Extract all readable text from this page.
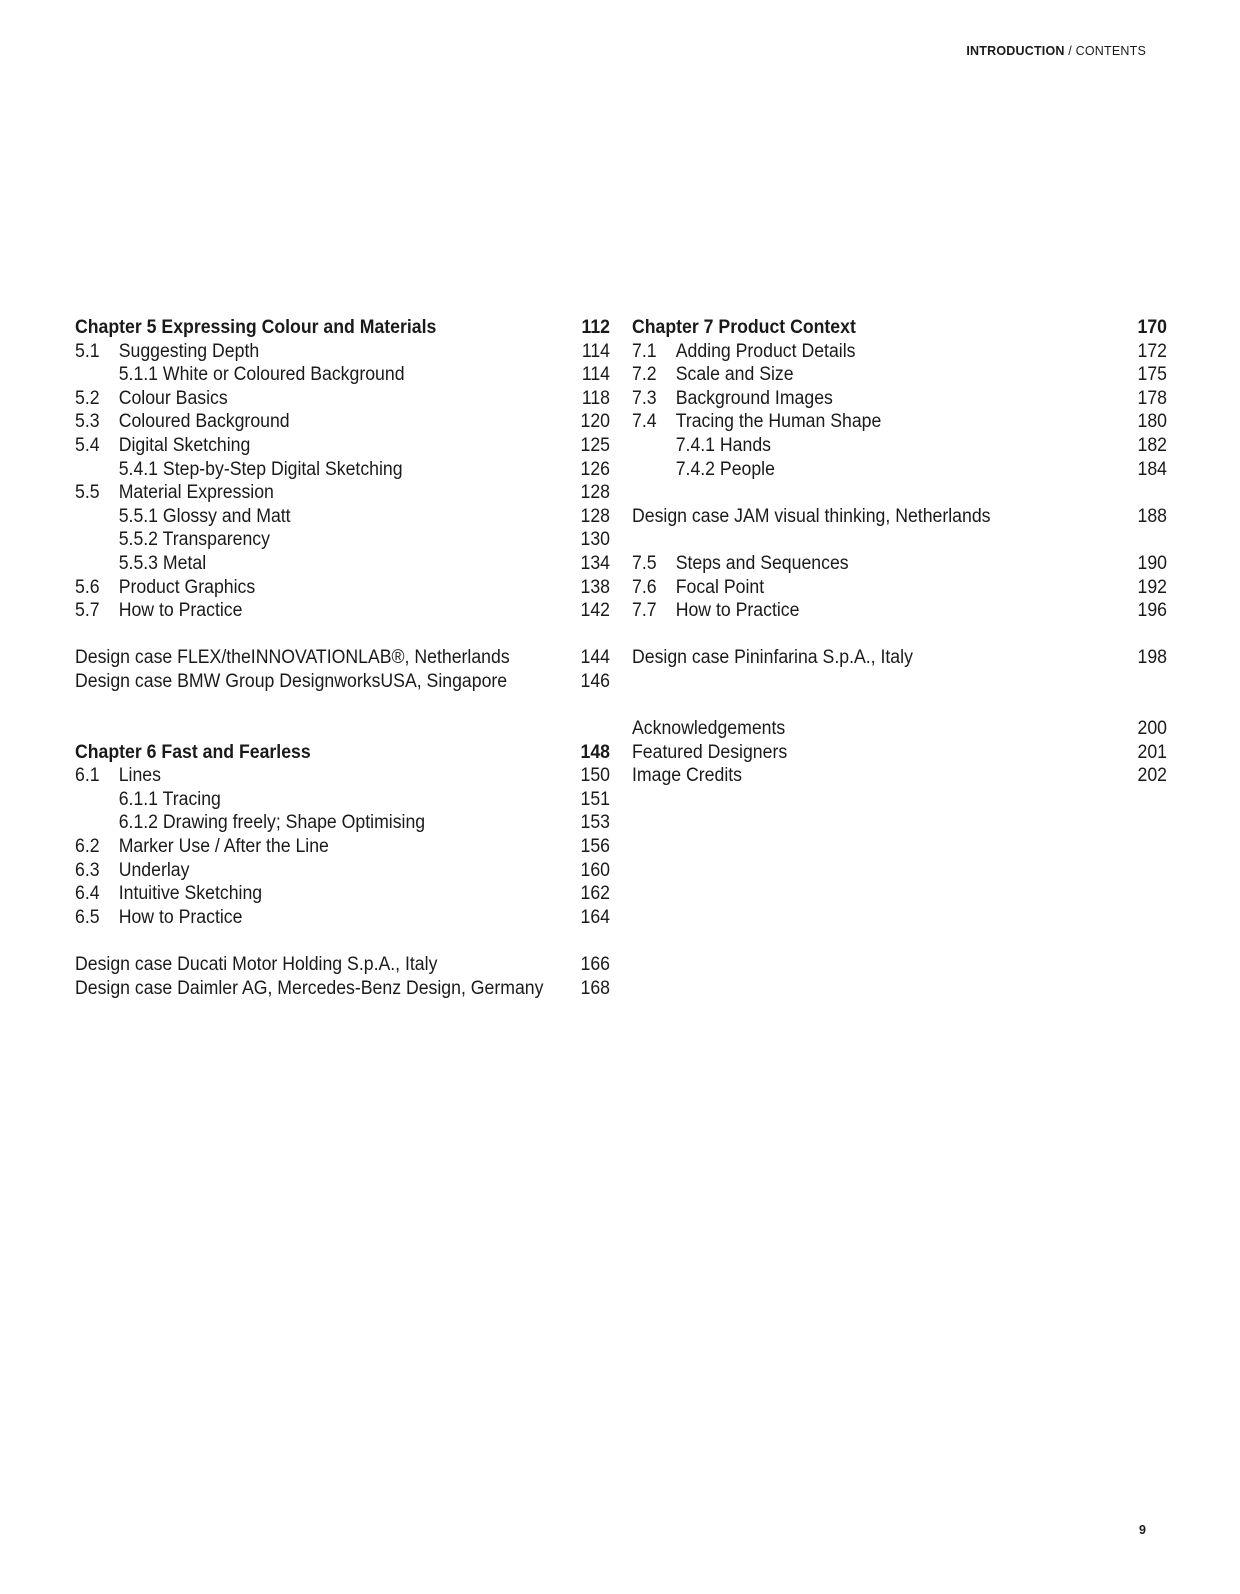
INTRODUCTION / CONTENTS
Chapter 5 Expressing Colour and Materials	112
5.1 Suggesting Depth	114
5.1.1 White or Coloured Background	114
5.2 Colour Basics	118
5.3 Coloured Background	120
5.4 Digital Sketching	125
5.4.1 Step-by-Step Digital Sketching	126
5.5 Material Expression	128
5.5.1 Glossy and Matt	128
5.5.2 Transparency	130
5.5.3 Metal	134
5.6 Product Graphics	138
5.7 How to Practice	142
Design case FLEX/theINNOVATIONLAB®, Netherlands	144
Design case BMW Group DesignworksUSA, Singapore	146
Chapter 6 Fast and Fearless	148
6.1 Lines	150
6.1.1 Tracing	151
6.1.2 Drawing freely; Shape Optimising	153
6.2 Marker Use / After the Line	156
6.3 Underlay	160
6.4 Intuitive Sketching	162
6.5 How to Practice	164
Design case Ducati Motor Holding S.p.A., Italy	166
Design case Daimler AG, Mercedes-Benz Design, Germany 168
Chapter 7 Product Context	170
7.1 Adding Product Details	172
7.2 Scale and Size	175
7.3 Background Images	178
7.4 Tracing the Human Shape	180
7.4.1 Hands	182
7.4.2 People	184
Design case JAM visual thinking, Netherlands	188
7.5 Steps and Sequences	190
7.6 Focal Point	192
7.7 How to Practice	196
Design case Pininfarina S.p.A., Italy	198
Acknowledgements	200
Featured Designers	201
Image Credits	202
9
